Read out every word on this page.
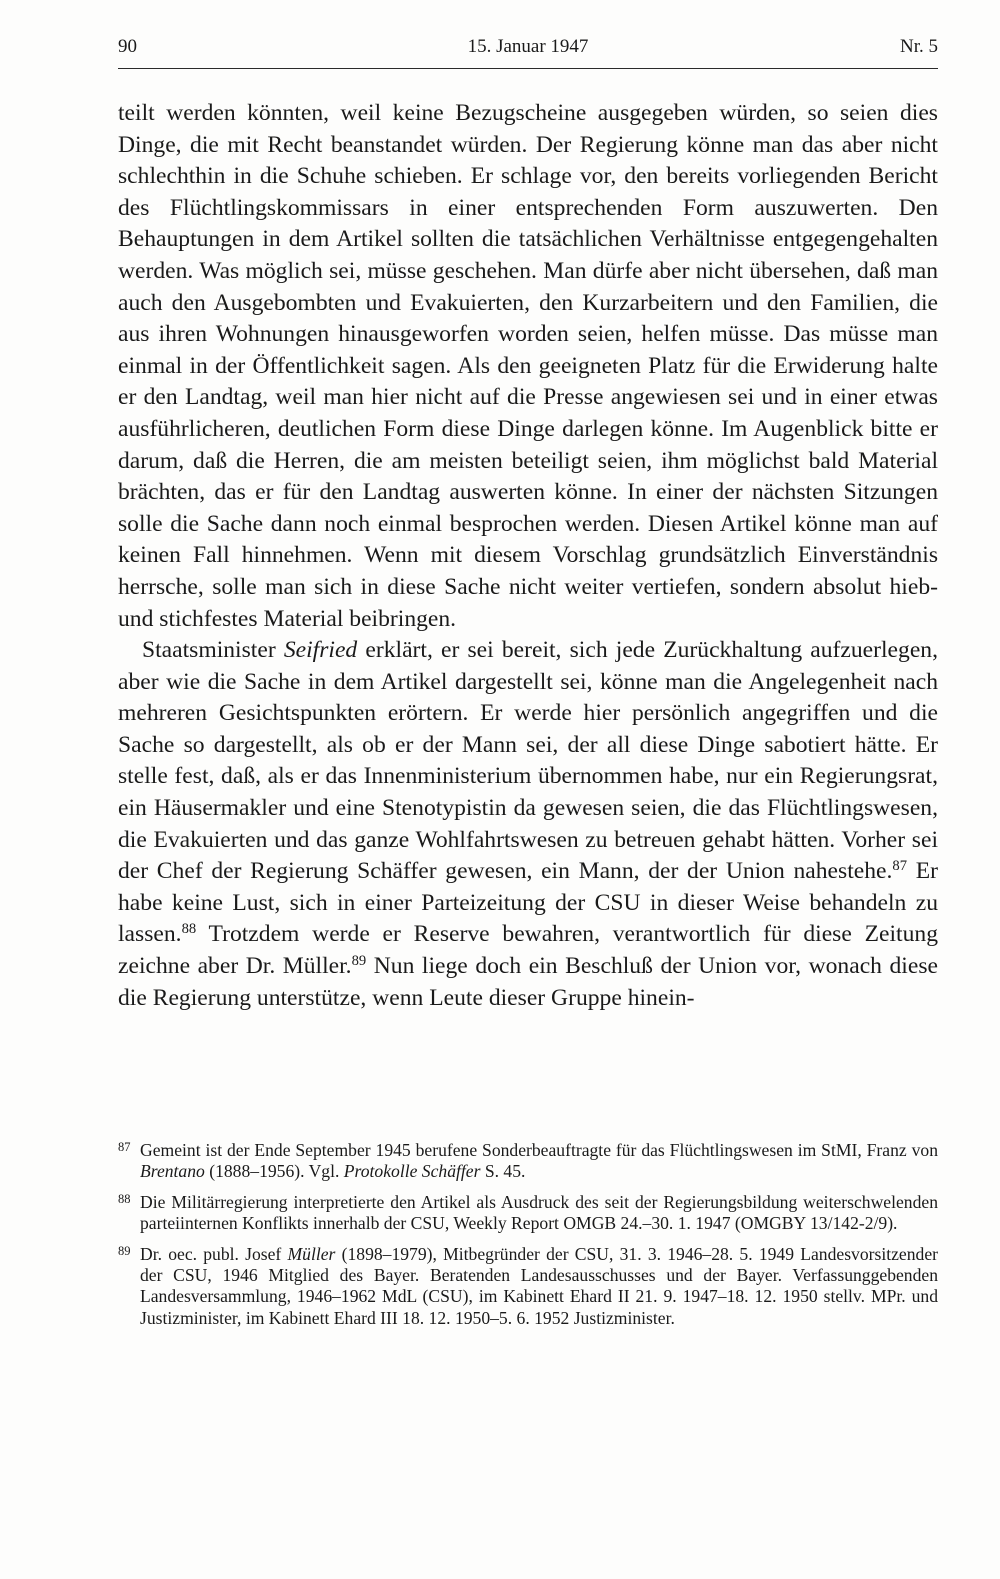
90	15. Januar 1947	Nr. 5

teilt werden könnten, weil keine Bezugscheine ausgegeben würden, so seien dies Dinge, die mit Recht beanstandet würden. Der Regierung könne man das aber nicht schlechthin in die Schuhe schieben. Er schlage vor, den bereits vorliegenden Bericht des Flüchtlingskommissars in einer entsprechenden Form auszuwerten. Den Behauptungen in dem Artikel sollten die tatsächlichen Verhältnisse entgegengehalten werden. Was möglich sei, müsse geschehen. Man dürfe aber nicht übersehen, daß man auch den Ausgebombten und Evakuierten, den Kurzarbeitern und den Familien, die aus ihren Wohnungen hinausgeworfen worden seien, helfen müsse. Das müsse man einmal in der Öffentlichkeit sagen. Als den geeigneten Platz für die Erwiderung halte er den Landtag, weil man hier nicht auf die Presse angewiesen sei und in einer etwas ausführlicheren, deutlichen Form diese Dinge darlegen könne. Im Augenblick bitte er darum, daß die Herren, die am meisten beteiligt seien, ihm möglichst bald Material brächten, das er für den Landtag auswerten könne. In einer der nächsten Sitzungen solle die Sache dann noch einmal besprochen werden. Diesen Artikel könne man auf keinen Fall hinnehmen. Wenn mit diesem Vorschlag grundsätzlich Einverständnis herrsche, solle man sich in diese Sache nicht weiter vertiefen, sondern absolut hieb- und stichfestes Material beibringen.

Staatsminister Seifried erklärt, er sei bereit, sich jede Zurückhaltung aufzuerlegen, aber wie die Sache in dem Artikel dargestellt sei, könne man die Angelegenheit nach mehreren Gesichtspunkten erörtern. Er werde hier persönlich angegriffen und die Sache so dargestellt, als ob er der Mann sei, der all diese Dinge sabotiert hätte. Er stelle fest, daß, als er das Innenministerium übernommen habe, nur ein Regierungsrat, ein Häusermakler und eine Stenotypistin da gewesen seien, die das Flüchtlingswesen, die Evakuierten und das ganze Wohlfahrtswesen zu betreuen gehabt hätten. Vorher sei der Chef der Regierung Schäffer gewesen, ein Mann, der der Union nahestehe.$^{87}$ Er habe keine Lust, sich in einer Parteizeitung der CSU in dieser Weise behandeln zu lassen.$^{88}$ Trotzdem werde er Reserve bewahren, verantwortlich für diese Zeitung zeichne aber Dr. Müller.$^{89}$ Nun liege doch ein Beschluß der Union vor, wonach diese die Regierung unterstütze, wenn Leute dieser Gruppe hinein-

87 Gemeint ist der Ende September 1945 berufene Sonderbeauftragte für das Flüchtlingswesen im StMI, Franz von Brentano (1888–1956). Vgl. Protokolle Schäffer S. 45.
88 Die Militärregierung interpretierte den Artikel als Ausdruck des seit der Regierungsbildung weiterschwelenden parteiinternen Konflikts innerhalb der CSU, Weekly Report OMGB 24.–30. 1. 1947 (OMGBY 13/142-2/9).
89 Dr. oec. publ. Josef Müller (1898–1979), Mitbegründer der CSU, 31. 3. 1946–28. 5. 1949 Landesvorsitzender der CSU, 1946 Mitglied des Bayer. Beratenden Landesausschusses und der Bayer. Verfassunggebenden Landesversammlung, 1946–1962 MdL (CSU), im Kabinett Ehard II 21. 9. 1947–18. 12. 1950 stellv. MPr. und Justizminister, im Kabinett Ehard III 18. 12. 1950–5. 6. 1952 Justizminister.
